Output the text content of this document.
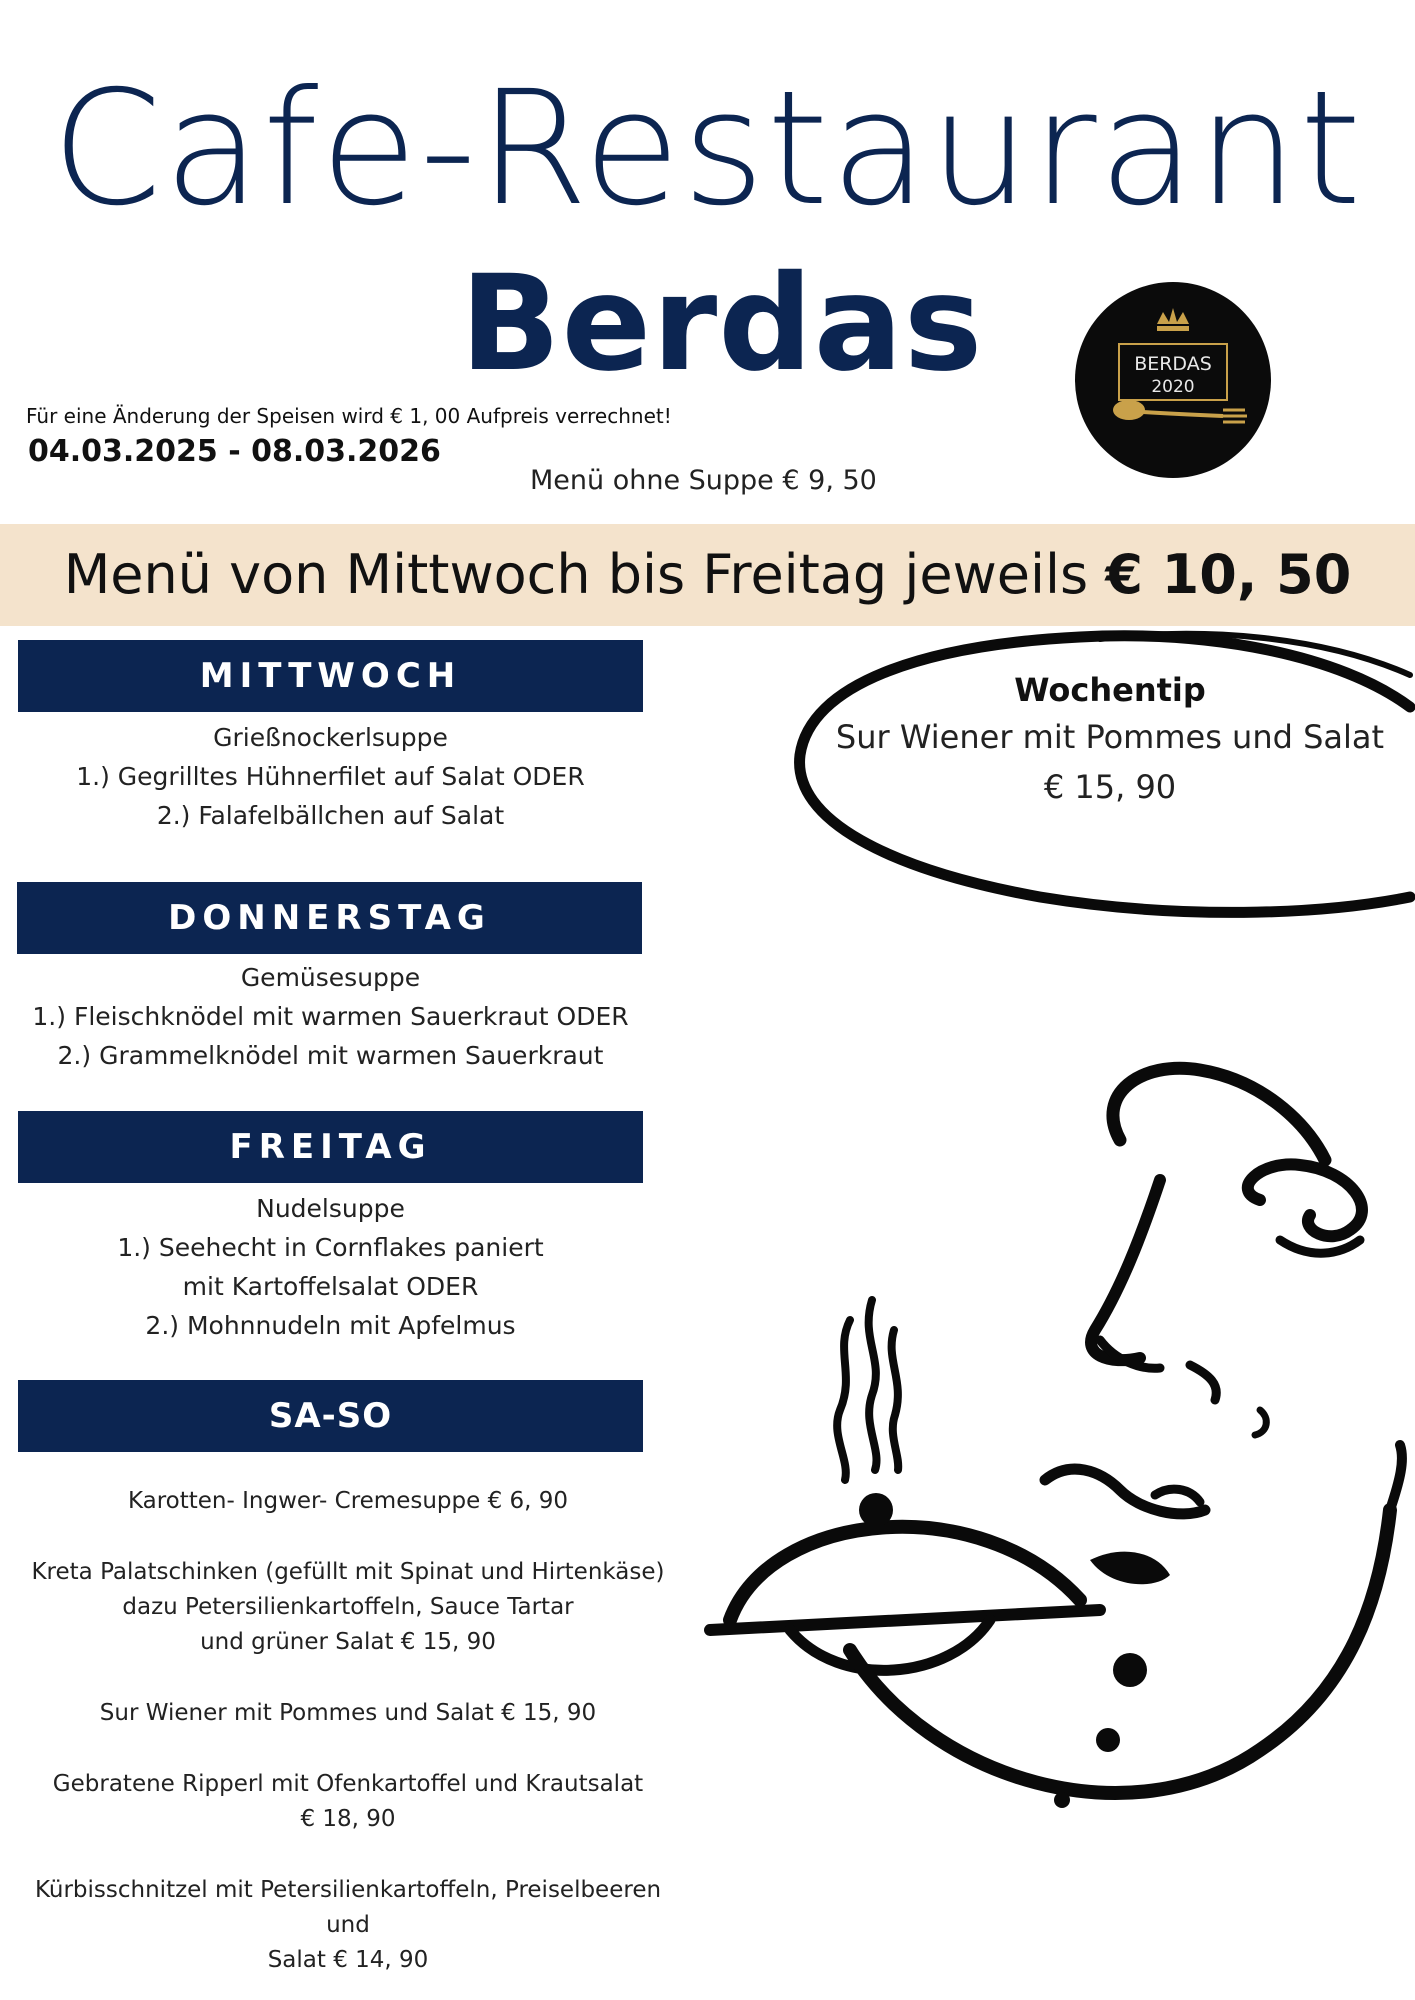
Cafe-Restaurant
Berdas
Für eine Änderung der Speisen wird € 1, 00 Aufpreis verrechnet!
04.03.2025 - 08.03.2026
Menü ohne Suppe € 9, 50
BERDAS
2020
Menü von Mittwoch bis Freitag jeweils € 10, 50
MITTWOCH
Grießnockerlsuppe
1.) Gegrilltes Hühnerfilet auf Salat ODER
2.) Falafelbällchen auf Salat
DONNERSTAG
Gemüsesuppe
1.) Fleischknödel mit warmen Sauerkraut ODER
2.) Grammelknödel mit warmen Sauerkraut
FREITAG
Nudelsuppe
1.) Seehecht in Cornflakes paniert
mit Kartoffelsalat ODER
2.) Mohnnudeln mit Apfelmus
SA-SO
Karotten- Ingwer- Cremesuppe € 6, 90
Kreta Palatschinken (gefüllt mit Spinat und Hirtenkäse)
dazu Petersilienkartoffeln, Sauce Tartar
und grüner Salat € 15, 90
Sur Wiener mit Pommes und Salat € 15, 90
Gebratene Ripperl mit Ofenkartoffel und Krautsalat
€ 18, 90
Kürbisschnitzel mit Petersilienkartoffeln, Preiselbeeren und
Salat € 14, 90
Wochentip
Sur Wiener mit Pommes und Salat
€ 15, 90
